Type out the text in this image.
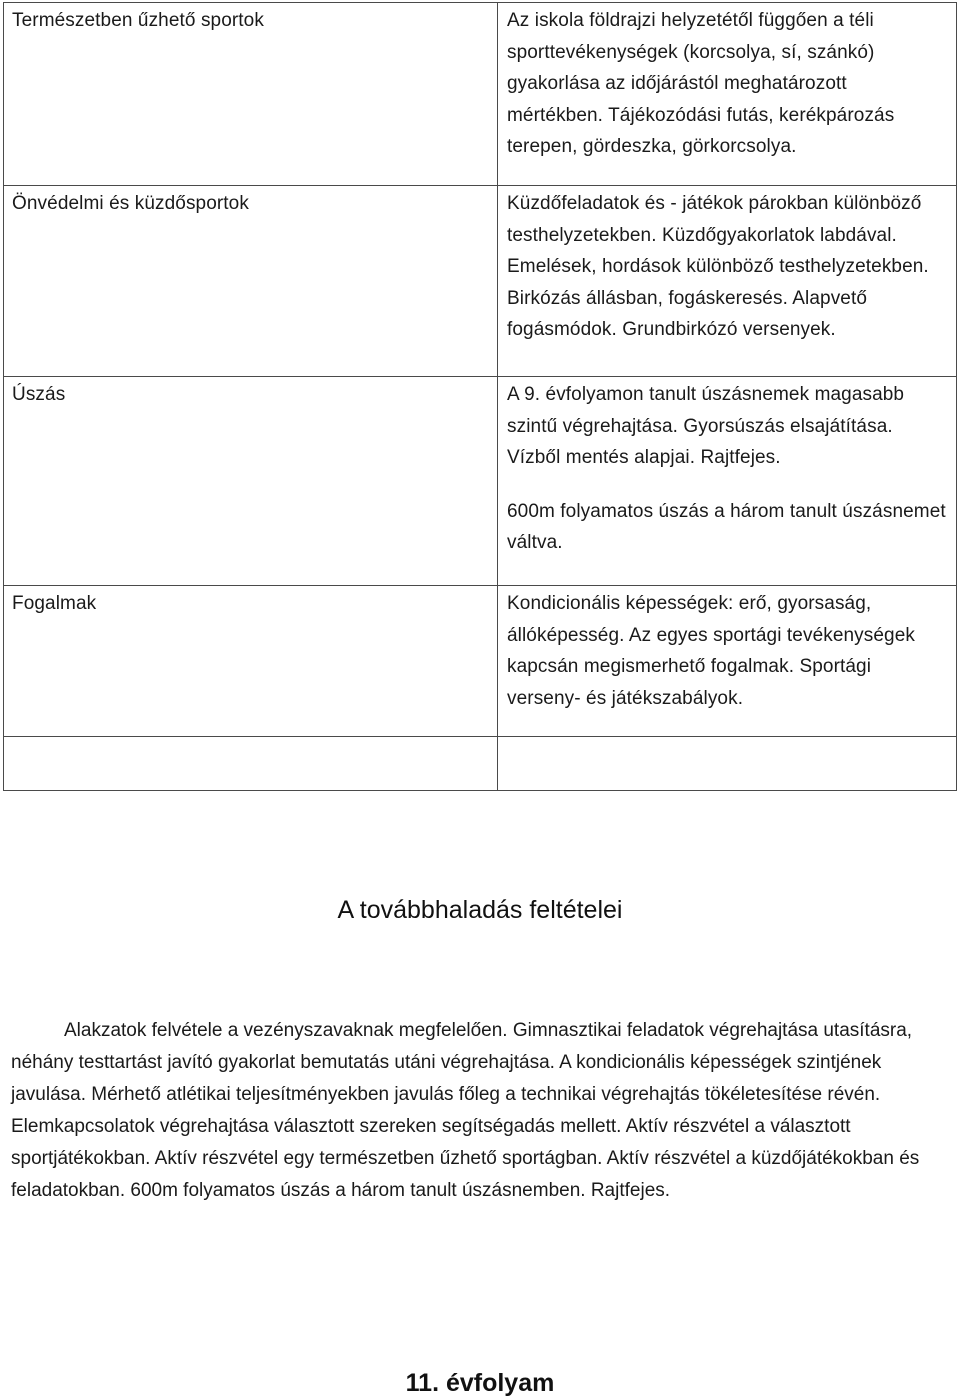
Természetben űzhető sportok	Az iskola földrajzi helyzetétől függően a téli sporttevékenységek (korcsolya, sí, szánkó) gyakorlása az időjárástól meghatározott mértékben. Tájékozódási futás, kerékpározás terepen, gördeszka, görkorcsolya.

Önvédelmi és küzdősportok	Küzdőfeladatok és - játékok párokban különböző testhelyzetekben. Küzdőgyakorlatok labdával. Emelések, hordások különböző testhelyzetekben. Birkózás állásban, fogáskeresés. Alapvető fogásmódok. Grundbirkózó versenyek.

Úszás	A 9. évfolyamon tanult úszásnemek magasabb szintű végrehajtása. Gyorsúszás elsajátítása. Vízből mentés alapjai. Rajtfejes.
600m folyamatos úszás a három tanult úszásnemet váltva.

Fogalmak	Kondicionális képességek: erő, gyorsaság, állóképesség. Az egyes sportági tevékenységek kapcsán megismerhető fogalmak. Sportági verseny- és játékszabályok.

A továbbhaladás feltételei
Alakzatok felvétele a vezényszavaknak megfelelően. Gimnasztikai feladatok végrehajtása utasításra, néhány testtartást javító gyakorlat bemutatás utáni végrehajtása. A kondicionális képességek szintjének javulása. Mérhető atlétikai teljesítményekben javulás főleg a technikai végrehajtás tökéletesítése révén. Elemkapcsolatok végrehajtása választott szereken segítségadás mellett. Aktív részvétel a választott sportjátékokban. Aktív részvétel egy természetben űzhető sportágban. Aktív részvétel a küzdőjátékokban és feladatokban. 600m folyamatos úszás a három tanult úszásnemben. Rajtfejes.
11. évfolyam
